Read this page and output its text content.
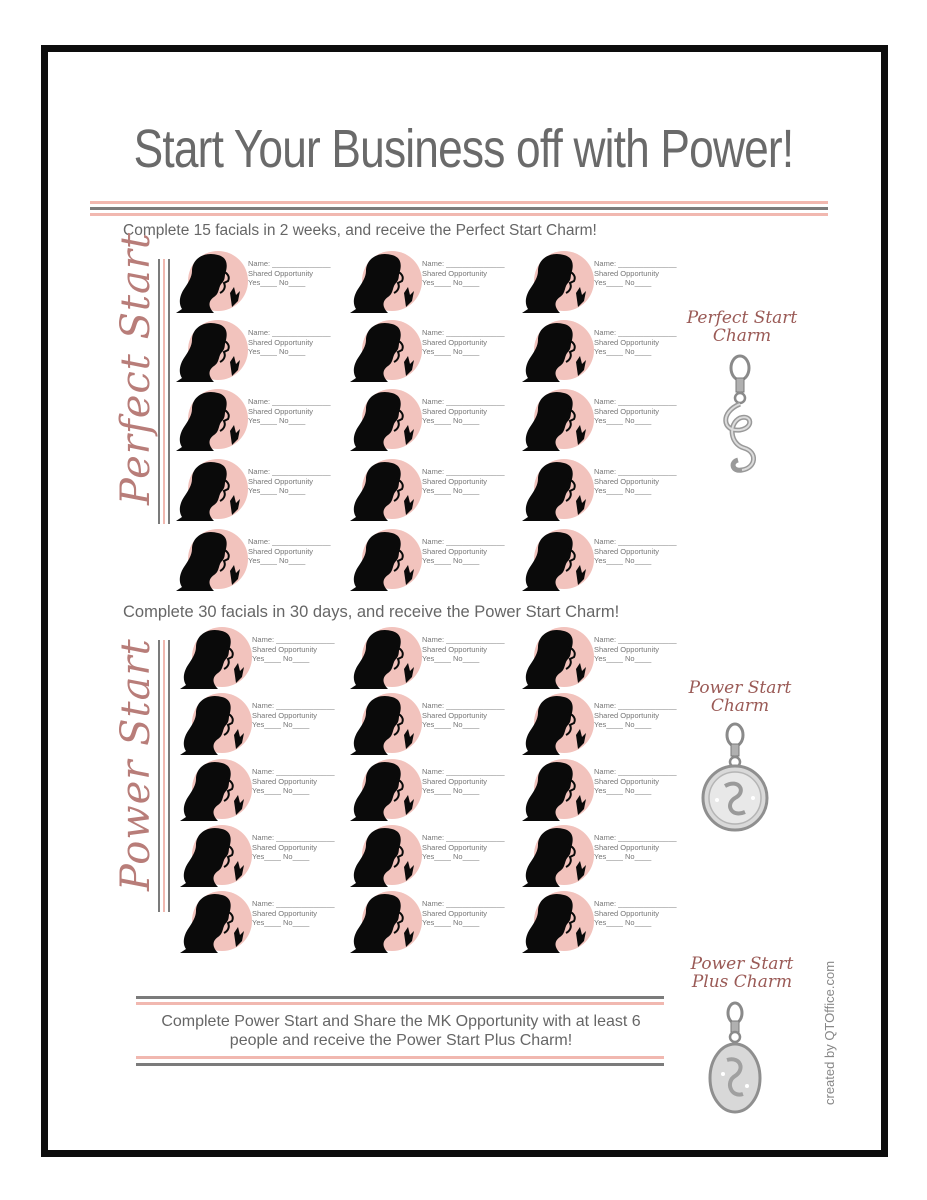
Start Your Business off with Power!
Complete 15 facials in 2 weeks, and receive the Perfect Start Charm!
Perfect Start	Name: ______________
Shared Opportunity
Yes____ No____
Name: ______________
Shared Opportunity
Yes____ No____
Name: ______________
Shared Opportunity
Yes____ No____
Name: ______________
Shared Opportunity
Yes____ No____
Name: ______________
Shared Opportunity
Yes____ No____
Name: ______________
Shared Opportunity
Yes____ No____
Name: ______________
Shared Opportunity
Yes____ No____
Name: ______________
Shared Opportunity
Yes____ No____
Name: ______________
Shared Opportunity
Yes____ No____
Name: ______________
Shared Opportunity
Yes____ No____
Name: ______________
Shared Opportunity
Yes____ No____
Name: ______________
Shared Opportunity
Yes____ No____
Name: ______________
Shared Opportunity
Yes____ No____
Name: ______________
Shared Opportunity
Yes____ No____
Name: ______________
Shared Opportunity
Yes____ No____
Perfect Start
Charm
Complete 30 facials in 30 days, and receive the Power Start Charm!
Power Start	Name: ______________
Shared Opportunity
Yes____ No____
Name: ______________
Shared Opportunity
Yes____ No____
Name: ______________
Shared Opportunity
Yes____ No____
Name: ______________
Shared Opportunity
Yes____ No____
Name: ______________
Shared Opportunity
Yes____ No____
Name: ______________
Shared Opportunity
Yes____ No____
Name: ______________
Shared Opportunity
Yes____ No____
Name: ______________
Shared Opportunity
Yes____ No____
Name: ______________
Shared Opportunity
Yes____ No____
Name: ______________
Shared Opportunity
Yes____ No____
Name: ______________
Shared Opportunity
Yes____ No____
Name: ______________
Shared Opportunity
Yes____ No____
Name: ______________
Shared Opportunity
Yes____ No____
Name: ______________
Shared Opportunity
Yes____ No____
Name: ______________
Shared Opportunity
Yes____ No____
Power Start
Charm
Power Start
Plus Charm
Complete Power Start and Share the MK Opportunity with at least 6
people and receive the Power Start Plus Charm!	created by QTOffice.com
